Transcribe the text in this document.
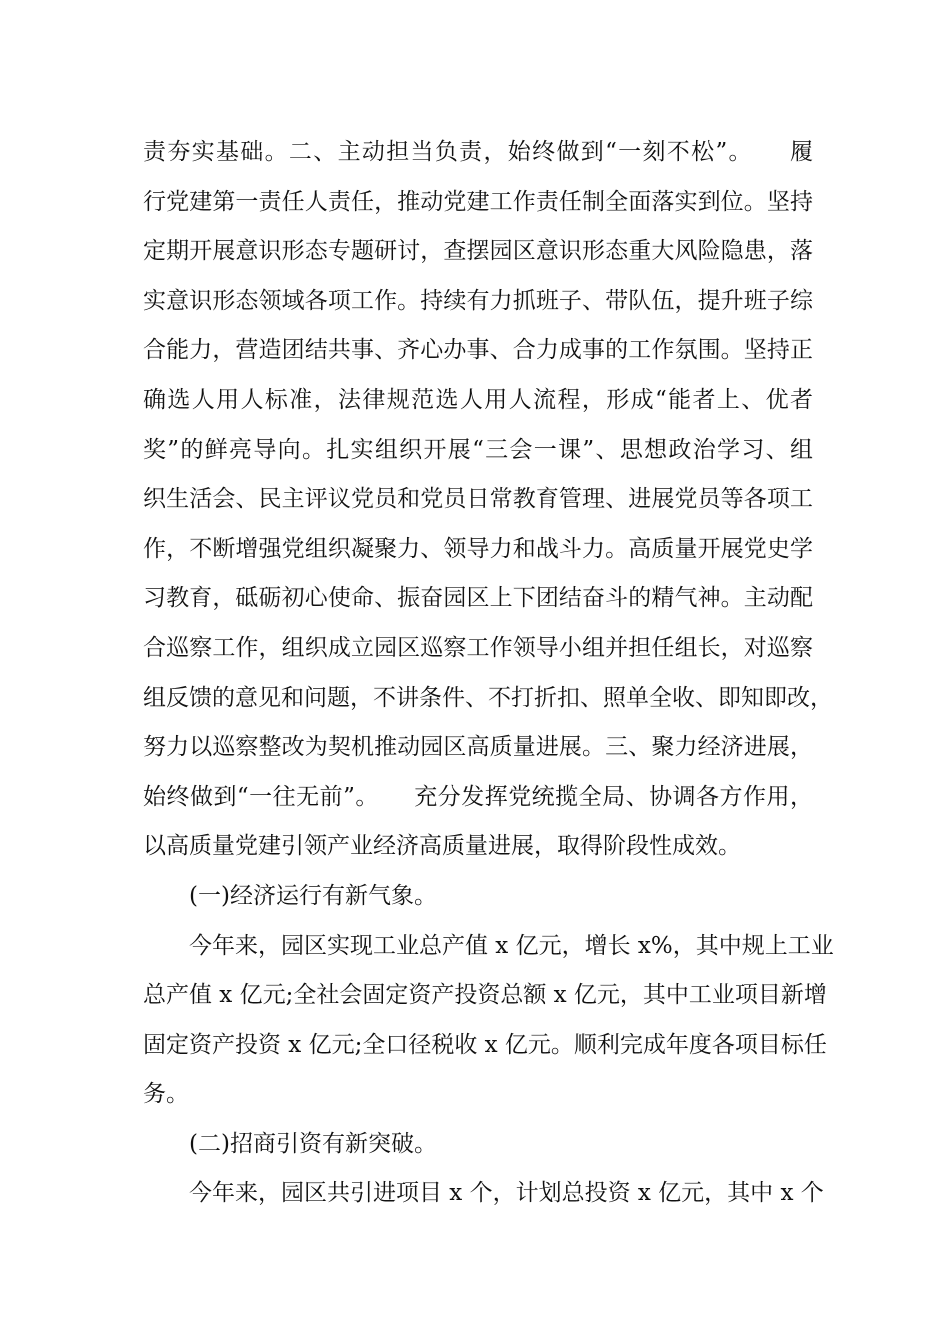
责夯实基础。二、主动担当负责，始终做到“一刻不松”。　　履
行党建第一责任人责任，推动党建工作责任制全面落实到位。坚持
定期开展意识形态专题研讨，查摆园区意识形态重大风险隐患，落
实意识形态领域各项工作。持续有力抓班子、带队伍，提升班子综
合能力，营造团结共事、齐心办事、合力成事的工作氛围。坚持正
确选人用人标准，法律规范选人用人流程，形成“能者上、优者
奖”的鲜亮导向。扎实组织开展“三会一课”、思想政治学习、组
织生活会、民主评议党员和党员日常教育管理、进展党员等各项工
作，不断增强党组织凝聚力、领导力和战斗力。高质量开展党史学
习教育，砥砺初心使命、振奋园区上下团结奋斗的精气神。主动配
合巡察工作，组织成立园区巡察工作领导小组并担任组长，对巡察
组反馈的意见和问题，不讲条件、不打折扣、照单全收、即知即改，
努力以巡察整改为契机推动园区高质量进展。三、聚力经济进展，
始终做到“一往无前”。　　充分发挥党统揽全局、协调各方作用，
以高质量党建引领产业经济高质量进展，取得阶段性成效。
(一)经济运行有新气象。
今年来，园区实现工业总产值 x 亿元，增长 x%，其中规上工业
总产值 x 亿元;全社会固定资产投资总额 x 亿元，其中工业项目新增
固定资产投资 x 亿元;全口径税收 x 亿元。顺利完成年度各项目标任
务。
(二)招商引资有新突破。
今年来，园区共引进项目 x 个，计划总投资 x 亿元，其中 x 个
